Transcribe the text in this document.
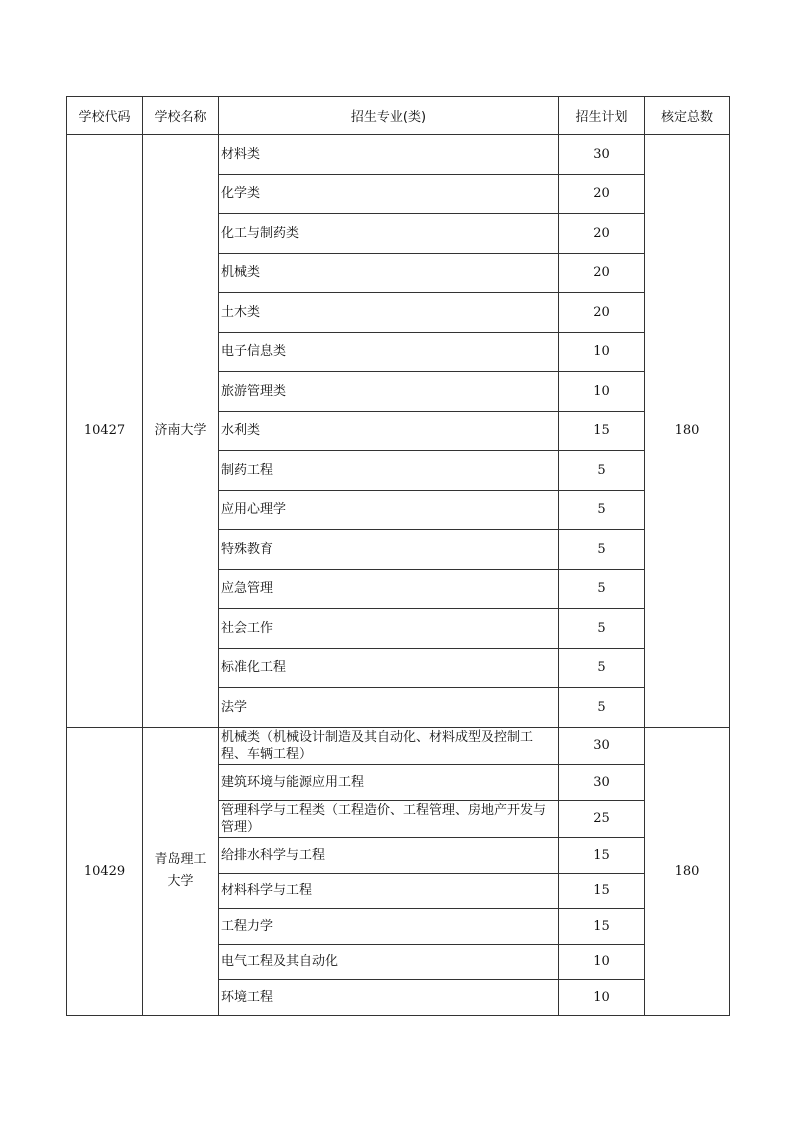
学校代码	学校名称	招生专业(类)	招生计划	核定总数
10427	济南大学	材料类	30	180
		化学类	20	
		化工与制药类	20	
		机械类	20	
		土木类	20	
		电子信息类	10	
		旅游管理类	10	
		水利类	15	
		制药工程	5	
		应用心理学	5	
		特殊教育	5	
		应急管理	5	
		社会工作	5	
		标准化工程	5	
		法学	5	
10429	青岛理工大学	机械类（机械设计制造及其自动化、材料成型及控制工程、车辆工程）	30	180
		建筑环境与能源应用工程	30	
		管理科学与工程类（工程造价、工程管理、房地产开发与管理）	25	
		给排水科学与工程	15	
		材料科学与工程	15	
		工程力学	15	
		电气工程及其自动化	10	
		环境工程	10	
